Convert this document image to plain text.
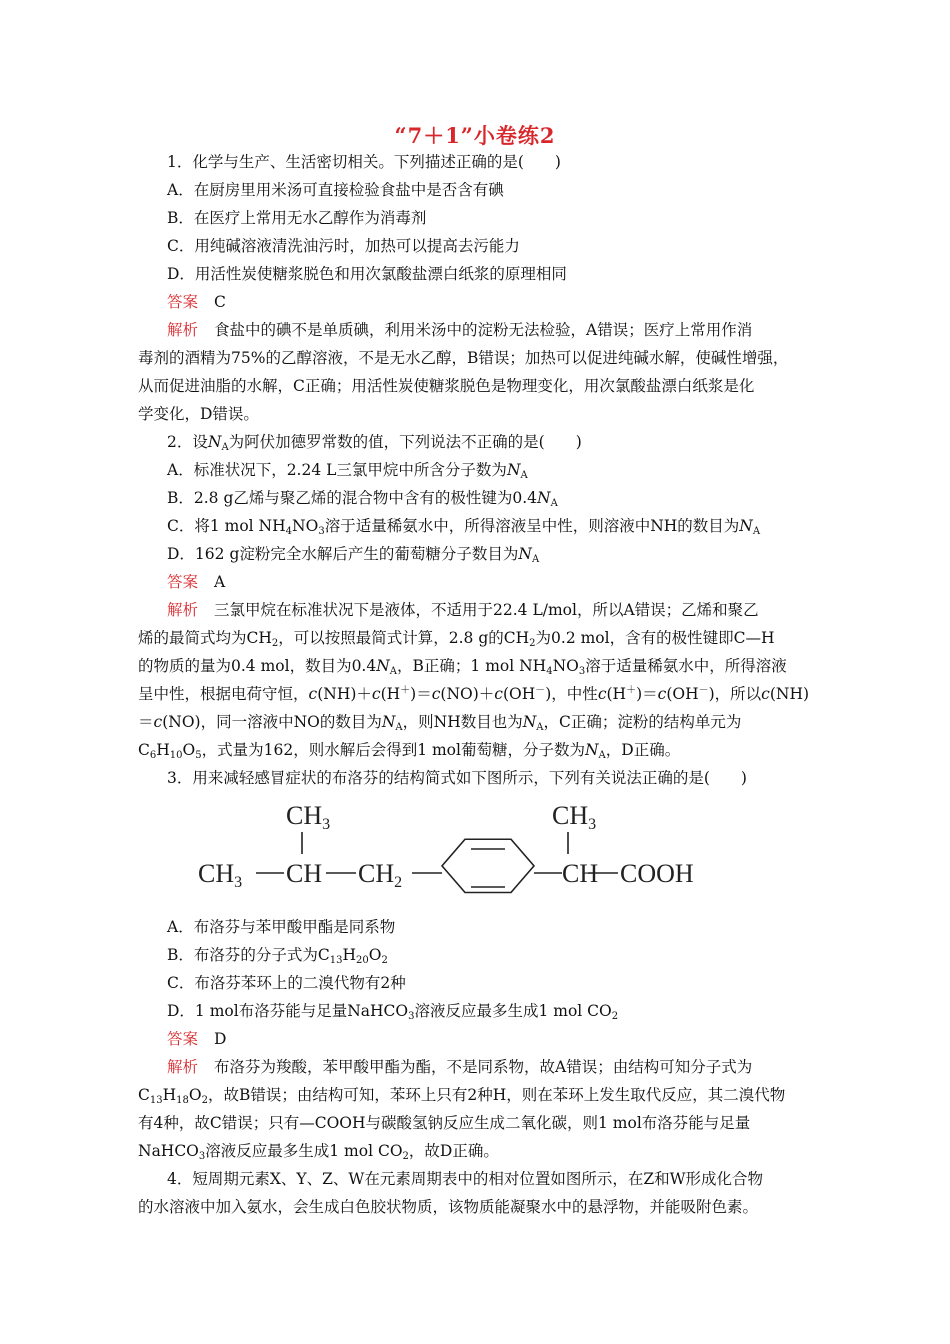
“7＋1”小卷练2
1．化学与生产、生活密切相关。下列描述正确的是(　　)
A．在厨房里用米汤可直接检验食盐中是否含有碘
B．在医疗上常用无水乙醇作为消毒剂
C．用纯碱溶液清洗油污时，加热可以提高去污能力
D．用活性炭使糖浆脱色和用次氯酸盐漂白纸浆的原理相同
答案 C
解析 食盐中的碘不是单质碘，利用米汤中的淀粉无法检验，A错误；医疗上常用作消
毒剂的酒精为75%的乙醇溶液，不是无水乙醇，B错误；加热可以促进纯碱水解，使碱性增强，
从而促进油脂的水解，C正确；用活性炭使糖浆脱色是物理变化，用次氯酸盐漂白纸浆是化
学变化，D错误。
2．设$N_A$为阿伏加德罗常数的值，下列说法不正确的是(　　)
A．标准状况下，2.24 L三氯甲烷中所含分子数为$N_A$
B．2.8 g乙烯与聚乙烯的混合物中含有的极性键为$0.4N_A$
C．将1 mol $NH_4NO_3$溶于适量稀氨水中，所得溶液呈中性，则溶液中NH的数目为$N_A$
D．162 g淀粉完全水解后产生的葡萄糖分子数目为$N_A$
答案 A
解析 三氯甲烷在标准状况下是液体，不适用于22.4 L/mol，所以A错误；乙烯和聚乙
烯的最简式均为$CH_2$，可以按照最简式计算，2.8 g的$CH_2$为0.2 mol，含有的极性键即C—H
的物质的量为0.4 mol，数目为$0.4N_A$，B正确；1 mol $NH_4NO_3$溶于适量稀氨水中，所得溶液
呈中性，根据电荷守恒，c(NH)＋c(H＋)＝c(NO)＋c(OH－)，中性c(H＋)＝c(OH－)，所以c(NH)
＝c(NO)，同一溶液中NO的数目为$N_A$，则NH数目也为$N_A$，C正确；淀粉的结构单元为
$C_6H_{10}O_5$，式量为162，则水解后会得到1 mol葡萄糖，分子数为$N_A$，D正确。
3．用来减轻感冒症状的布洛芬的结构简式如下图所示，下列有关说法正确的是(　　)
A．布洛芬与苯甲酸甲酯是同系物
B．布洛芬的分子式为$C_{13}H_{20}O_2$
C．布洛芬苯环上的二溴代物有2种
D．1 mol布洛芬能与足量NaHCO$_3$溶液反应最多生成1 mol $CO_2$
答案 D
解析 布洛芬为羧酸，苯甲酸甲酯为酯，不是同系物，故A错误；由结构可知分子式为
$C_{13}H_{18}O_2$，故B错误；由结构可知，苯环上只有2种H，则在苯环上发生取代反应，其二溴代物
有4种，故C错误；只有—COOH与碳酸氢钠反应生成二氧化碳，则1 mol布洛芬能与足量
NaHCO$_3$溶液反应最多生成1 mol $CO_2$，故D正确。
4．短周期元素X、Y、Z、W在元素周期表中的相对位置如图所示，在Z和W形成化合物
的水溶液中加入氨水，会生成白色胶状物质，该物质能凝聚水中的悬浮物，并能吸附色素。
CH3
CH3 CH CH2
CH3
CH COOH
